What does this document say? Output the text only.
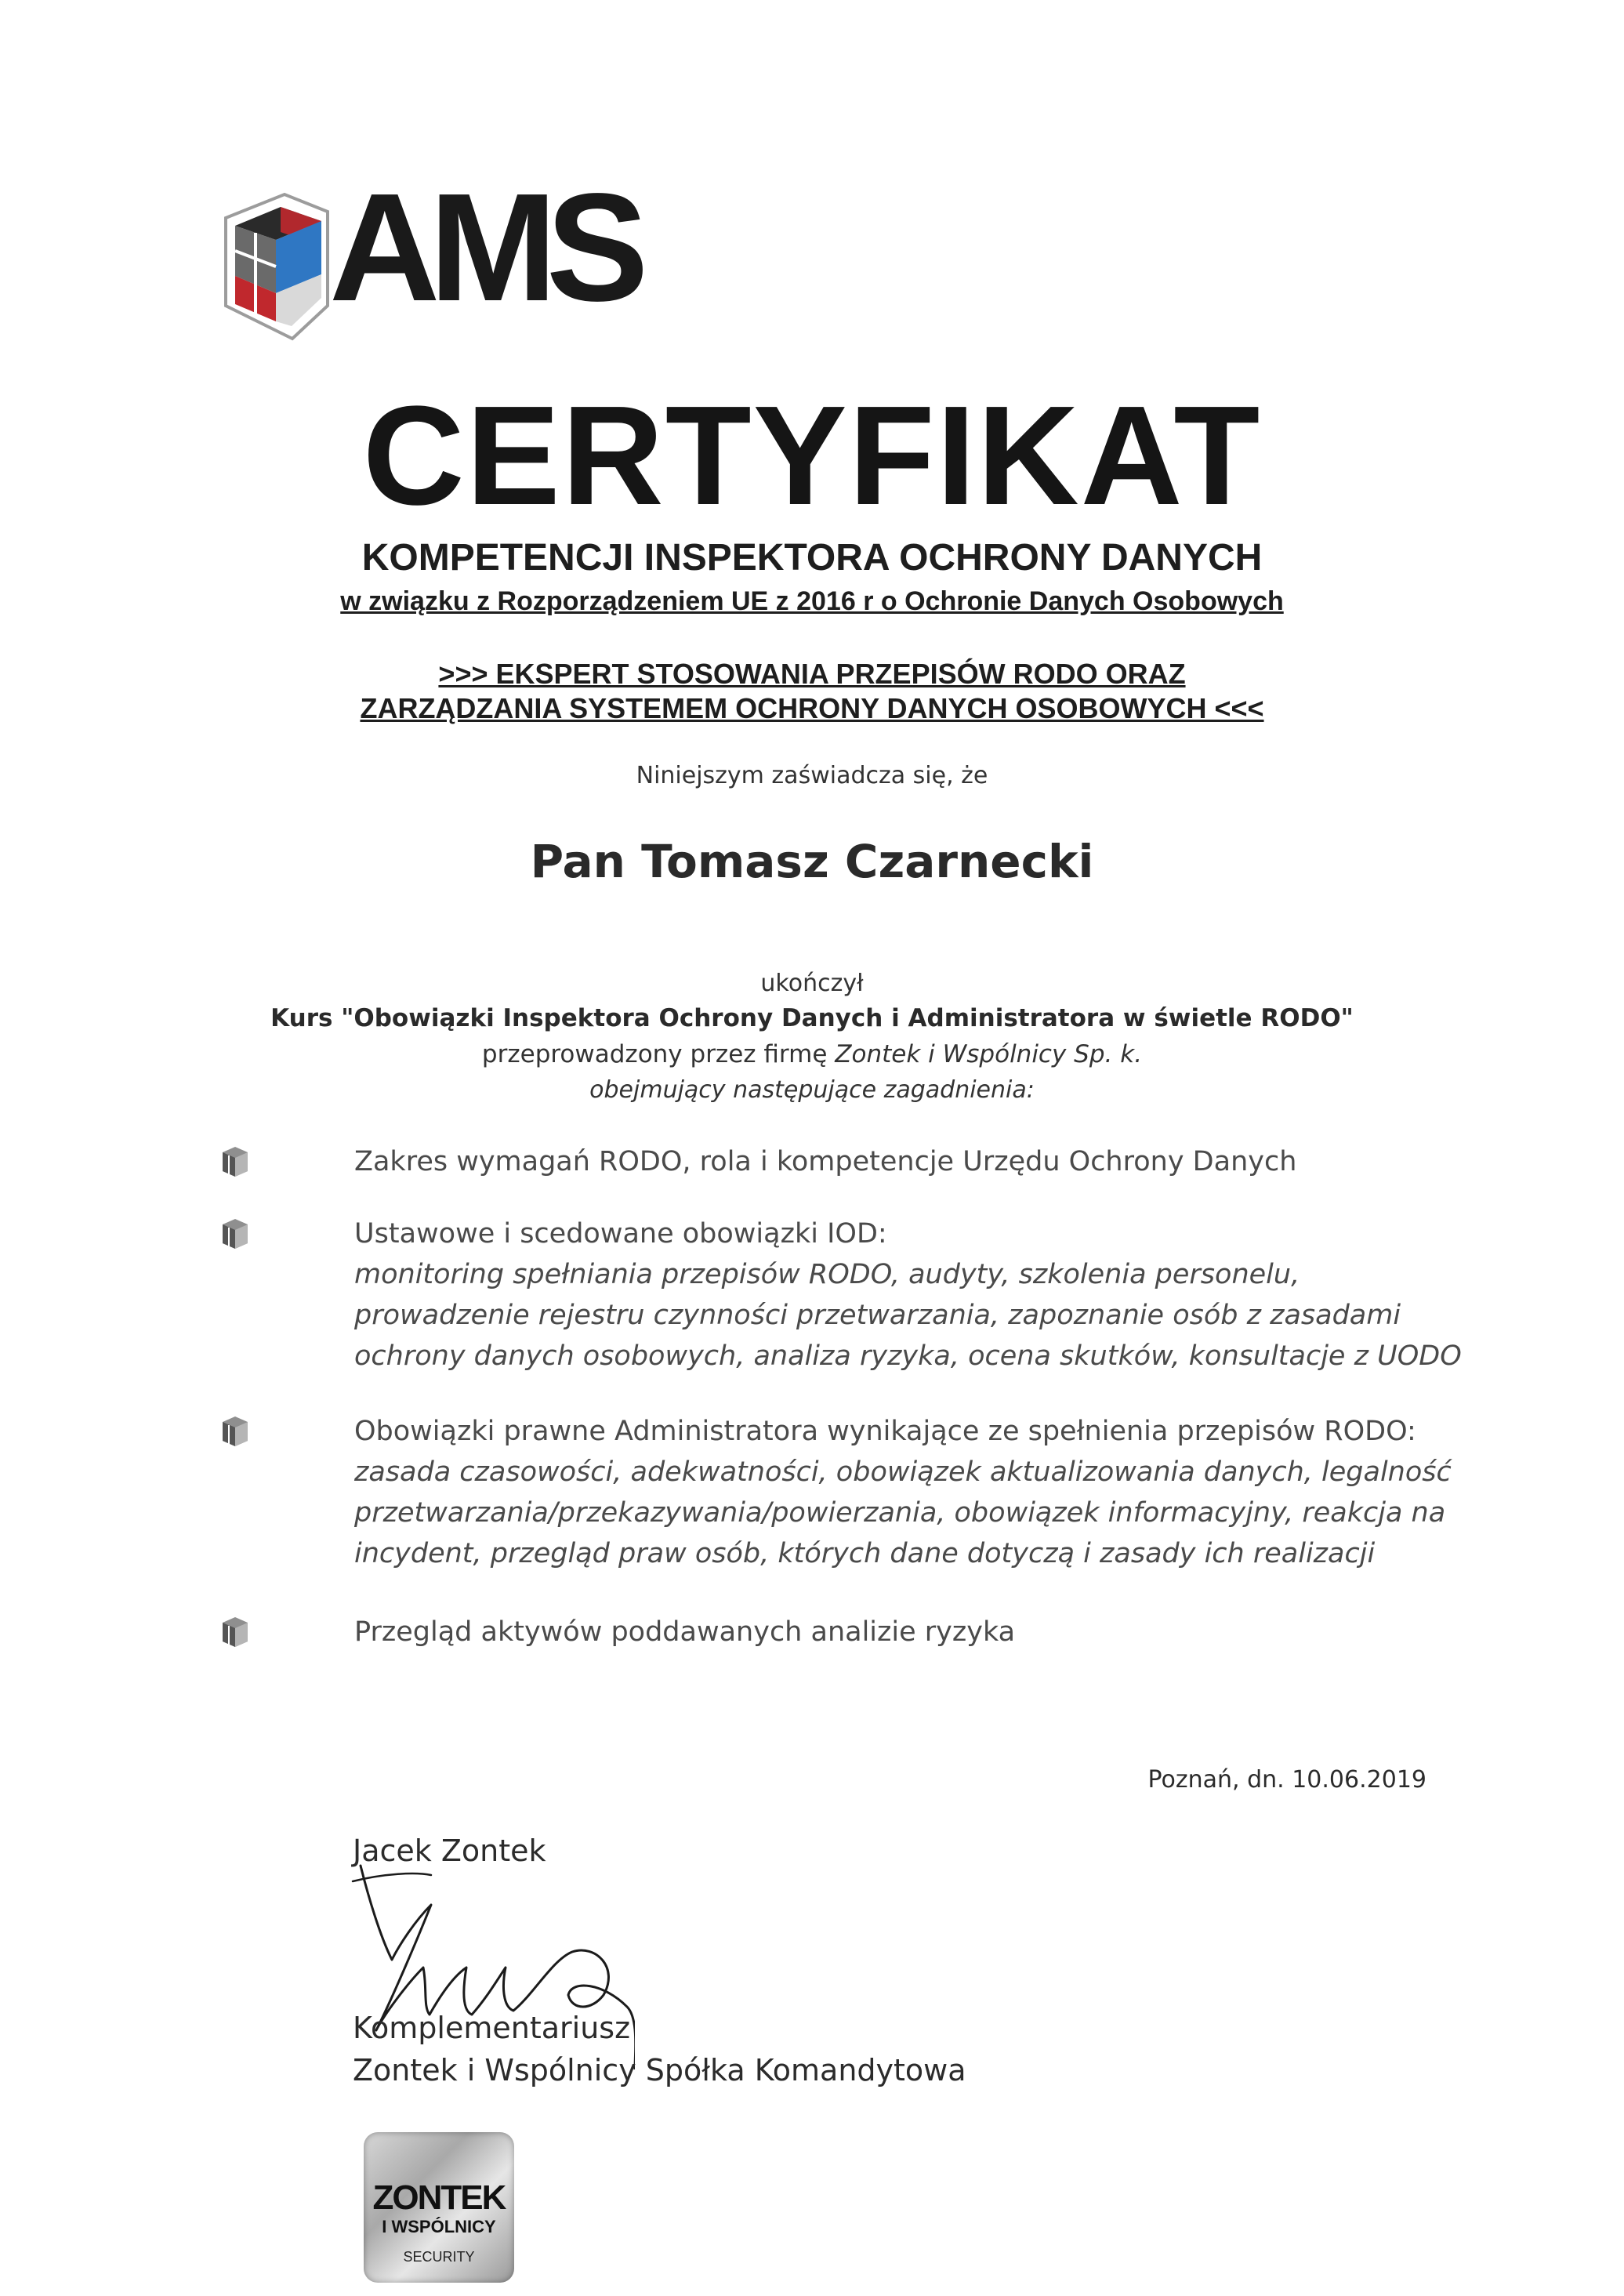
AMS
CERTYFIKAT
KOMPETENCJI INSPEKTORA OCHRONY DANYCH
w związku z Rozporządzeniem UE z 2016 r o Ochronie Danych Osobowych
>>> EKSPERT STOSOWANIA PRZEPISÓW RODO ORAZ
ZARZĄDZANIA SYSTEMEM OCHRONY DANYCH OSOBOWYCH <<<
Niniejszym zaświadcza się, że
Pan Tomasz Czarnecki
ukończył
Kurs "Obowiązki Inspektora Ochrony Danych i Administratora w świetle RODO"
przeprowadzony przez firmę Zontek i Wspólnicy Sp. k.
obejmujący następujące zagadnienia:
Zakres wymagań RODO, rola i kompetencje Urzędu Ochrony Danych
Ustawowe i scedowane obowiązki IOD:
monitoring spełniania przepisów RODO, audyty, szkolenia personelu,
prowadzenie rejestru czynności przetwarzania, zapoznanie osób z zasadami
ochrony danych osobowych, analiza ryzyka, ocena skutków, konsultacje z UODO
Obowiązki prawne Administratora wynikające ze spełnienia przepisów RODO:
zasada czasowości, adekwatności, obowiązek aktualizowania danych, legalność
przetwarzania/przekazywania/powierzania, obowiązek informacyjny, reakcja na
incydent, przegląd praw osób, których dane dotyczą i zasady ich realizacji
Przegląd aktywów poddawanych analizie ryzyka
Poznań, dn. 10.06.2019
Jacek Zontek
Komplementariusz
Zontek i Wspólnicy Spółka Komandytowa
ZONTEK
I WSPÓLNICY
SECURITY
